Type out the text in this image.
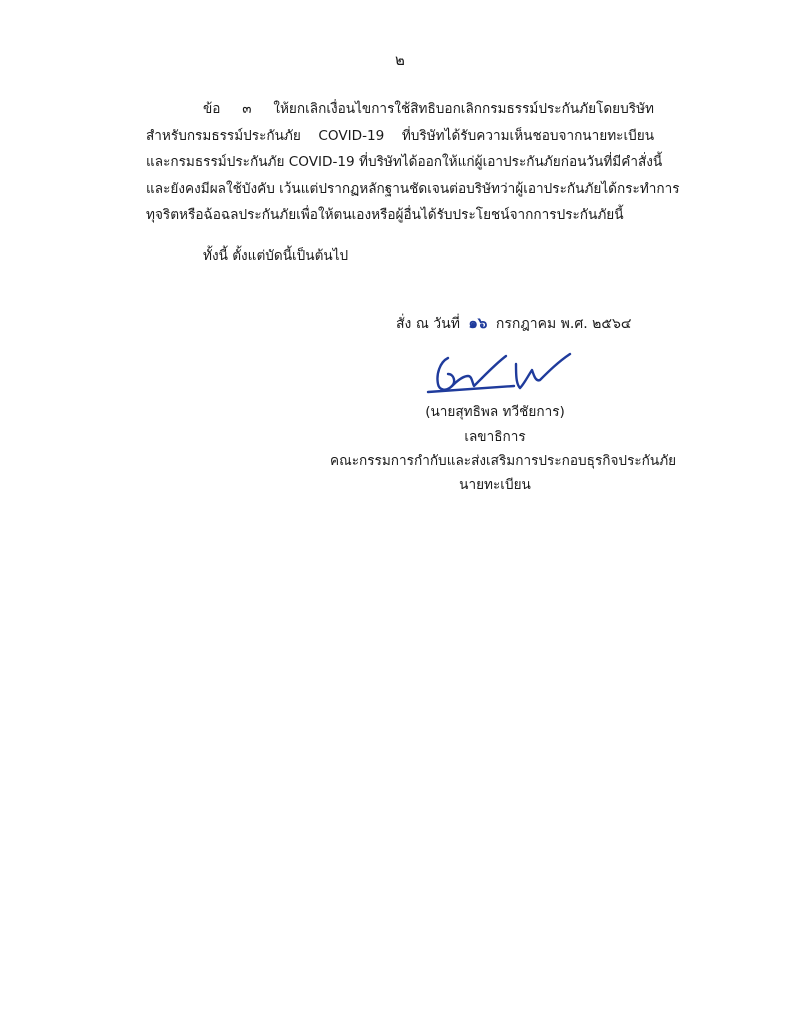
๒
ข้อ ๓ ให้ยกเลิกเงื่อนไขการใช้สิทธิบอกเลิกกรมธรรม์ประกันภัยโดยบริษัท
สำหรับกรมธรรม์ประกันภัย COVID-19 ที่บริษัทได้รับความเห็นชอบจากนายทะเบียน
และกรมธรรม์ประกันภัย COVID-19 ที่บริษัทได้ออกให้แก่ผู้เอาประกันภัยก่อนวันที่มีคำสั่งนี้
และยังคงมีผลใช้บังคับ เว้นแต่ปรากฏหลักฐานชัดเจนต่อบริษัทว่าผู้เอาประกันภัยได้กระทำการ
ทุจริตหรือฉ้อฉลประกันภัยเพื่อให้ตนเองหรือผู้อื่นได้รับประโยชน์จากการประกันภัยนี้
ทั้งนี้ ตั้งแต่บัดนี้เป็นต้นไป
สั่ง ณ วันที่ ๑๖ กรกฎาคม พ.ศ. ๒๕๖๔
(นายสุทธิพล ทวีชัยการ)
เลขาธิการ
คณะกรรมการกำกับและส่งเสริมการประกอบธุรกิจประกันภัย
นายทะเบียน
